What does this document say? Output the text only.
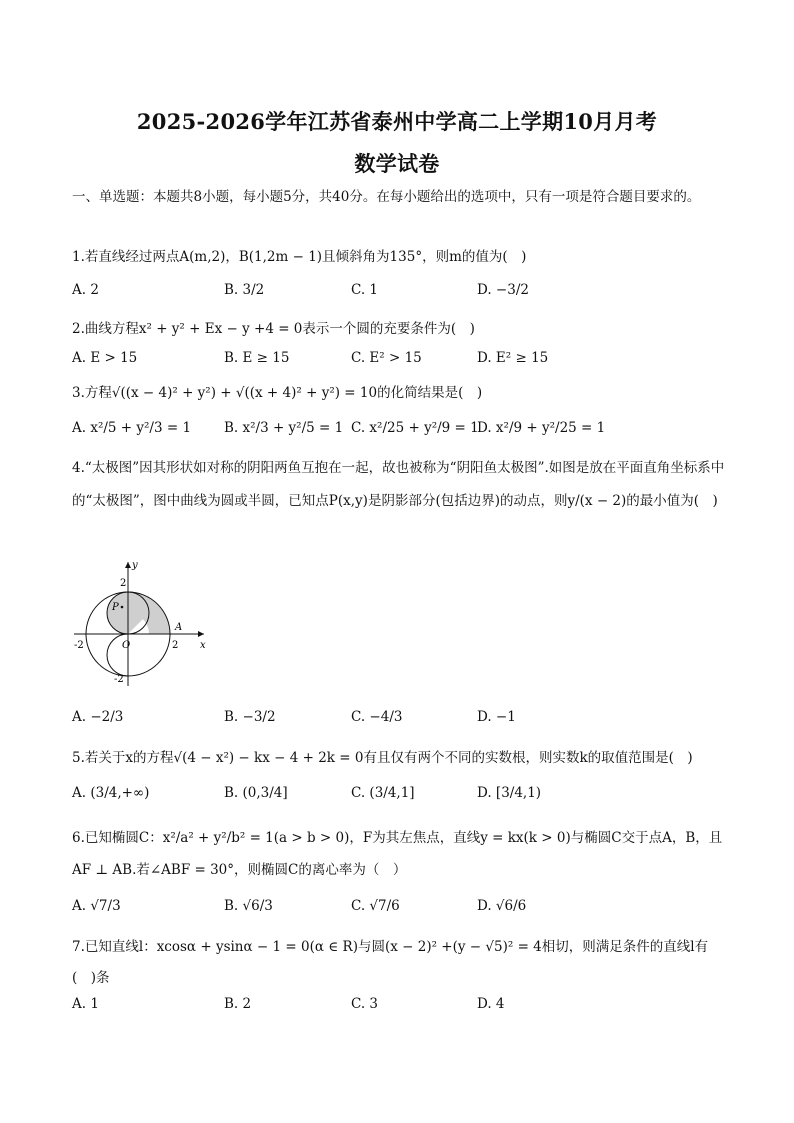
2025-2026学年江苏省泰州中学高二上学期10月月考
数学试卷
一、单选题：本题共8小题，每小题5分，共40分。在每小题给出的选项中，只有一项是符合题目要求的。
1.若直线经过两点A(m,2)，B(1,2m − 1)且倾斜角为135°，则m的值为(　)
A. 2	B. 3/2	C. 1	D. −3/2
2.曲线方程x² + y² + Ex − y +4 = 0表示一个圆的充要条件为(　)
A. E > 15	B. E ≥ 15	C. E² > 15	D. E² ≥ 15
3.方程√((x − 4)² + y²) + √((x + 4)² + y²) = 10的化简结果是(　)
A. x²/5 + y²/3 = 1 B. x²/3 + y²/5 = 1 C. x²/25 + y²/9 = 1
D. x²/9 + y²/25 = 1
4.“太极图”因其形状如对称的阴阳两鱼互抱在一起，故也被称为“阴阳鱼太极图”.如图是放在平面直角坐标系中的“太极图”，图中曲线为圆或半圆，已知点P(x,y)是阴影部分(包括边界)的动点，则y/(x − 2)的最小值为(　)
y
x
2
2
-2
-2
O
A
P
A. −2/3	B. −3/2	C. −4/3	D. −1
5.若关于x的方程√(4 − x²) − kx − 4 + 2k = 0有且仅有两个不同的实数根，则实数k的取值范围是(　)
A. (3/4,+∞)	B. (0,3/4]	C. (3/4,1]	D. [3/4,1)
6.已知椭圆C：x²/a² + y²/b² = 1(a > b > 0)，F为其左焦点，直线y = kx(k > 0)与椭圆C交于点A，B，且AF ⊥ AB.若∠ABF = 30°，则椭圆C的离心率为（　）
A. √7/3	B. √6/3	C. √7/6	D. √6/6
7.已知直线l：xcosα + ysinα − 1 = 0(α ∈ R)与圆(x − 2)² +(y − √5)² = 4相切，则满足条件的直线l有(　)条
A. 1	B. 2	C. 3	D. 4
